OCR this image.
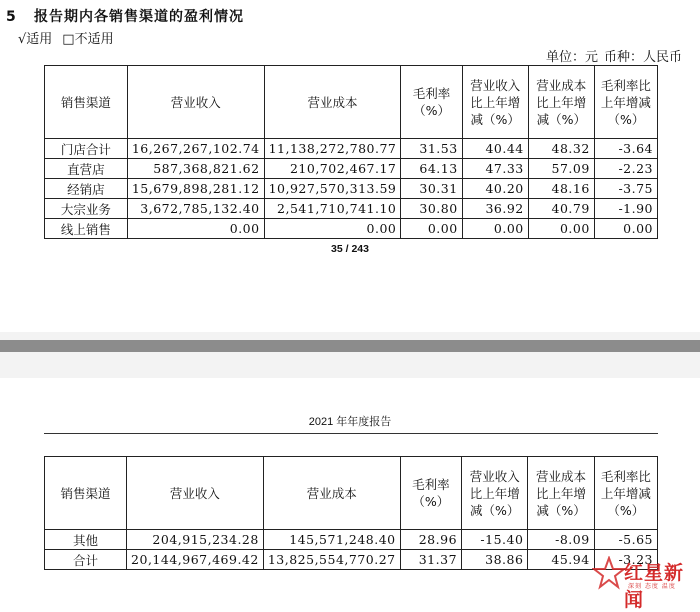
5 报告期内各销售渠道的盈利情况
√适用 □不适用
单位：元 币种：人民币
销售渠道	营业收入	营业成本	毛利率（%）	营业收入比上年增减（%）	营业成本比上年增减（%）	毛利率比上年增减（%）
门店合计	16,267,267,102.74	11,138,272,780.77	31.53	40.44	48.32	-3.64
直营店	587,368,821.62	210,702,467.17	64.13	47.33	57.09	-2.23
经销店	15,679,898,281.12	10,927,570,313.59	30.31	40.20	48.16	-3.75
大宗业务	3,672,785,132.40	2,541,710,741.10	30.80	36.92	40.79	-1.90
线上销售	0.00	0.00	0.00	0.00	0.00	0.00
35 / 243
2021 年年度报告
销售渠道	营业收入	营业成本	毛利率（%）	营业收入比上年增减（%）	营业成本比上年增减（%）	毛利率比上年增减（%）
其他	204,915,234.28	145,571,248.40	28.96	-15.40	-8.09	-5.65
合计	20,144,967,469.42	13,825,554,770.27	31.37	38.86	45.94	-3.23
红星新闻
深刻 态度 温度
